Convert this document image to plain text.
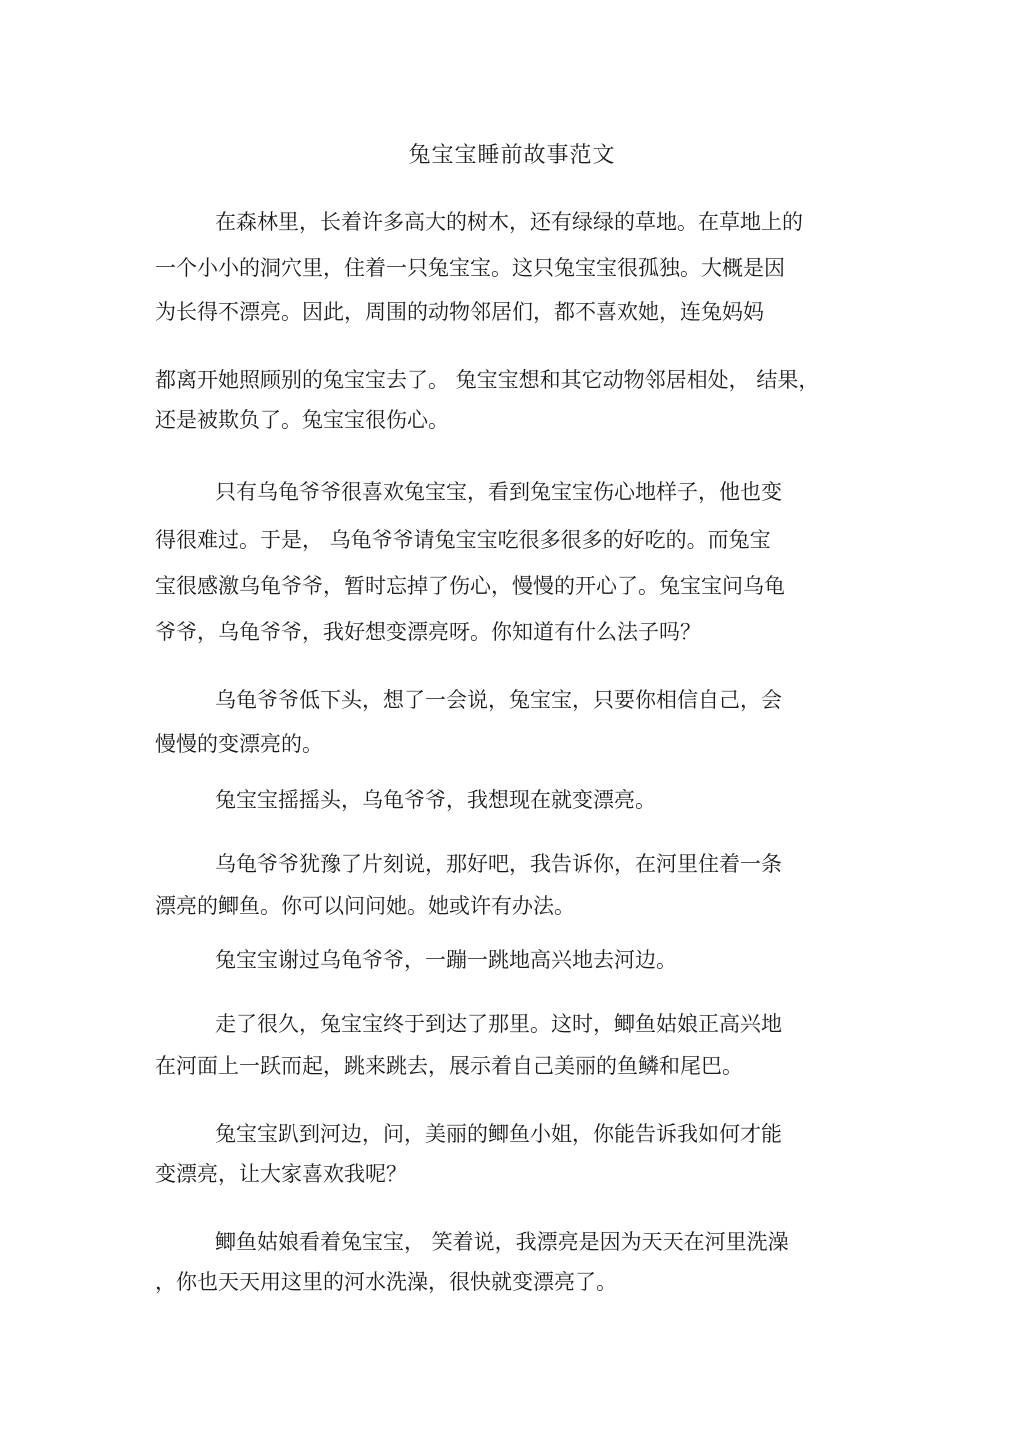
兔宝宝睡前故事范文
在森林里，长着许多高大的树木，还有绿绿的草地。在草地上的
一个小小的洞穴里，住着一只兔宝宝。这只兔宝宝很孤独。大概是因
为长得不漂亮。因此，周围的动物邻居们，都不喜欢她，连兔妈妈
都离开她照顾别的兔宝宝去了。 兔宝宝想和其它动物邻居相处， 结果，
还是被欺负了。兔宝宝很伤心。
只有乌龟爷爷很喜欢兔宝宝，看到兔宝宝伤心地样子，他也变
得很难过。于是， 乌龟爷爷请兔宝宝吃很多很多的好吃的。而兔宝
宝很感激乌龟爷爷，暂时忘掉了伤心，慢慢的开心了。兔宝宝问乌龟
爷爷，乌龟爷爷，我好想变漂亮呀。你知道有什么法子吗？
乌龟爷爷低下头，想了一会说，兔宝宝，只要你相信自己，会
慢慢的变漂亮的。
兔宝宝摇摇头，乌龟爷爷，我想现在就变漂亮。
乌龟爷爷犹豫了片刻说，那好吧，我告诉你，在河里住着一条
漂亮的鲫鱼。你可以问问她。她或许有办法。
兔宝宝谢过乌龟爷爷，一蹦一跳地高兴地去河边。
走了很久，兔宝宝终于到达了那里。这时，鲫鱼姑娘正高兴地
在河面上一跃而起，跳来跳去，展示着自己美丽的鱼鳞和尾巴。
兔宝宝趴到河边，问，美丽的鲫鱼小姐，你能告诉我如何才能
变漂亮，让大家喜欢我呢？
鲫鱼姑娘看着兔宝宝， 笑着说，我漂亮是因为天天在河里洗澡
，你也天天用这里的河水洗澡，很快就变漂亮了。
